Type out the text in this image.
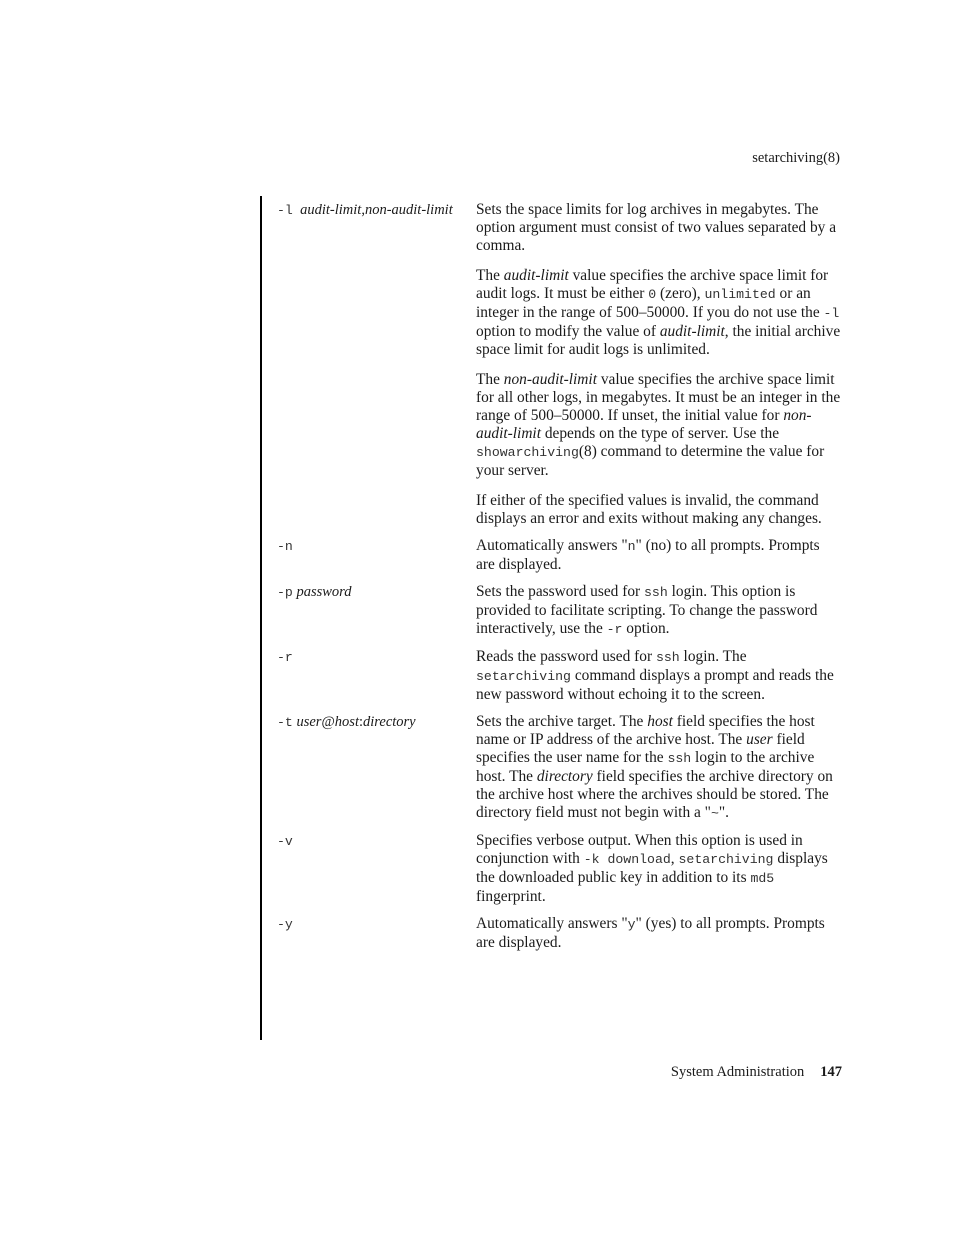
setarchiving(8)
-l audit-limit,non-audit-limit	Sets the space limits for log archives in megabytes. The option argument must consist of two values separated by a comma.

The audit-limit value specifies the archive space limit for audit logs. It must be either 0 (zero), unlimited or an integer in the range of 500–50000. If you do not use the -l option to modify the value of audit-limit, the initial archive space limit for audit logs is unlimited.

The non-audit-limit value specifies the archive space limit for all other logs, in megabytes. It must be an integer in the range of 500–50000. If unset, the initial value for non-audit-limit depends on the type of server. Use the showarchiving(8) command to determine the value for your server.

If either of the specified values is invalid, the command displays an error and exits without making any changes.

-n	Automatically answers "n" (no) to all prompts. Prompts are displayed.
-p password	Sets the password used for ssh login. This option is provided to facilitate scripting. To change the password interactively, use the -r option.
-r	Reads the password used for ssh login. The setarchiving command displays a prompt and reads the new password without echoing it to the screen.
-t user@host:directory	Sets the archive target. The host field specifies the host name or IP address of the archive host. The user field specifies the user name for the ssh login to the archive host. The directory field specifies the archive directory on the archive host where the archives should be stored. The directory field must not begin with a "~".
-v	Specifies verbose output. When this option is used in conjunction with -k download, setarchiving displays the downloaded public key in addition to its md5 fingerprint.
-y	Automatically answers "y" (yes) to all prompts. Prompts are displayed.
System Administration 147
